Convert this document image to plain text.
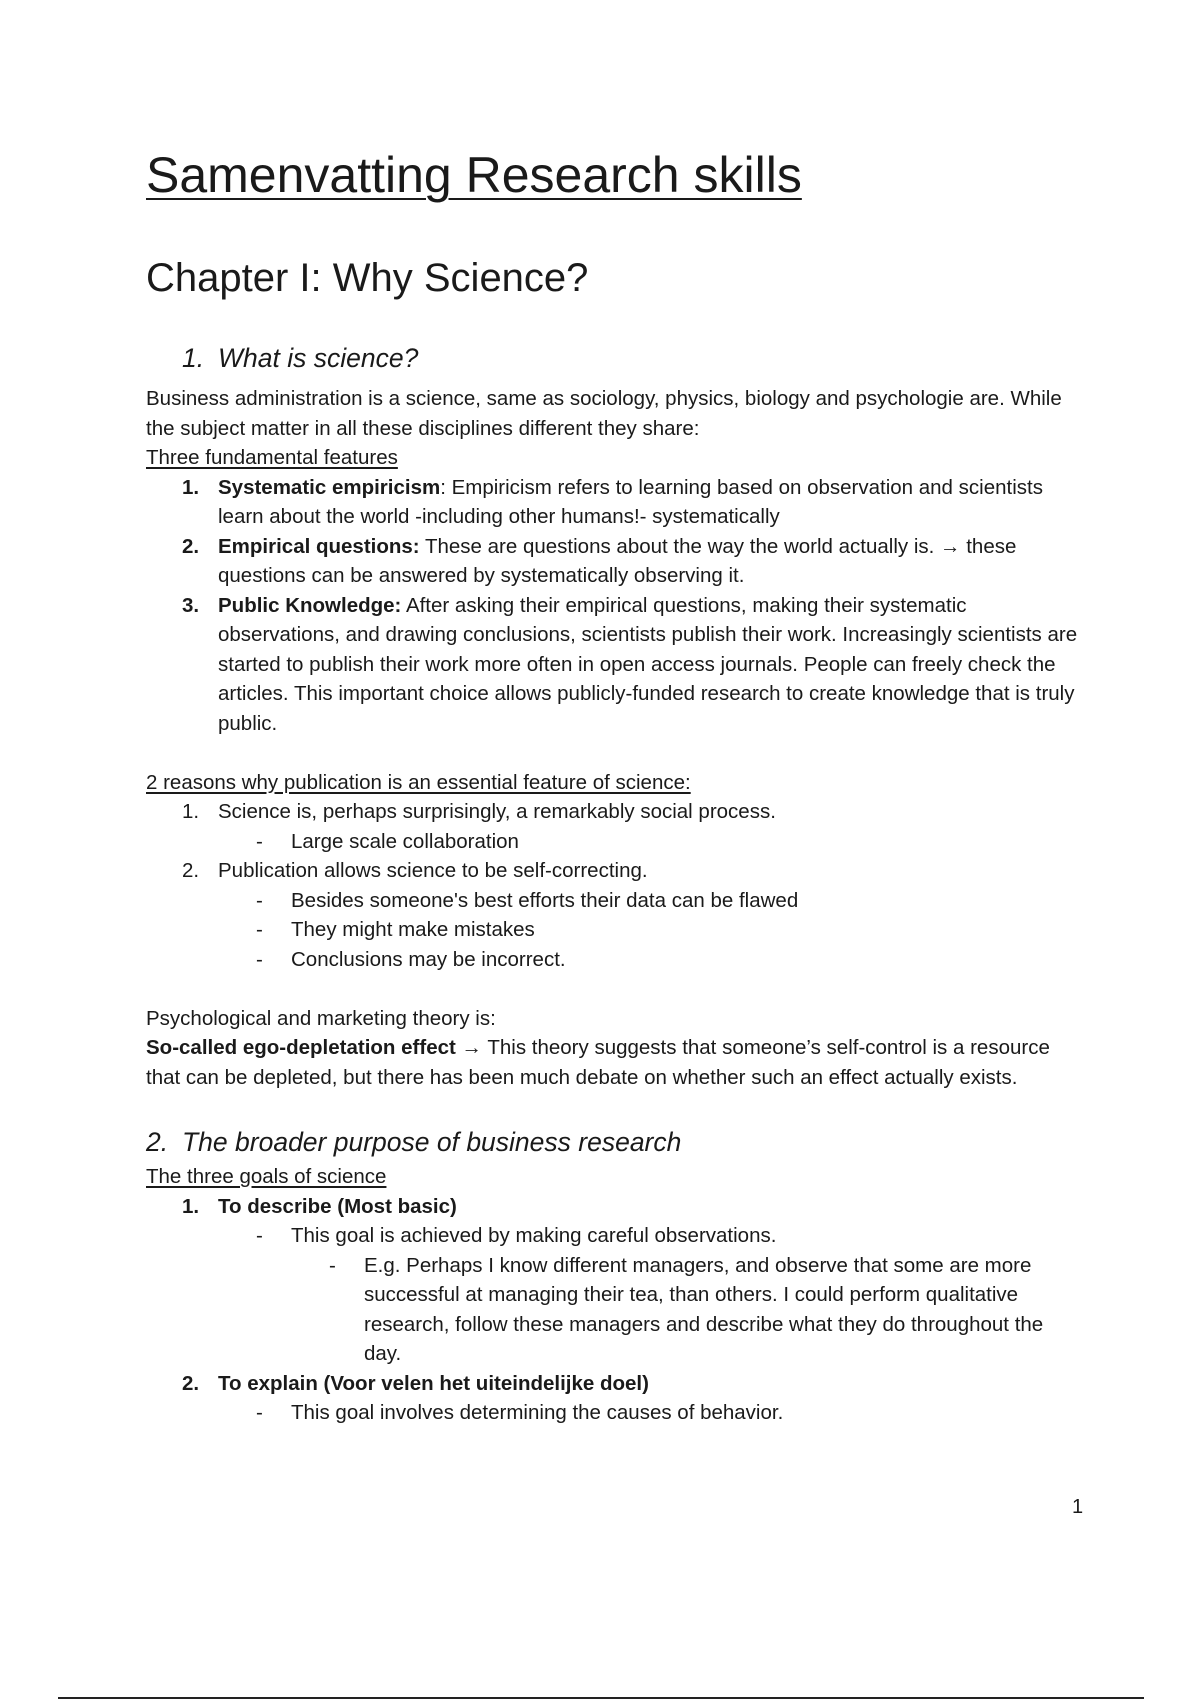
Samenvatting Research skills
Chapter I: Why Science?
1. What is science?

Business administration is a science, same as sociology, physics, biology and psychologie are. While the subject matter in all these disciplines different they share:

Three fundamental features

1. Systematic empiricism: Empiricism refers to learning based on observation and scientists learn about the world -including other humans!- systematically
2. Empirical questions: These are questions about the way the world actually is. → these questions can be answered by systematically observing it.
3. Public Knowledge: After asking their empirical questions, making their systematic observations, and drawing conclusions, scientists publish their work. Increasingly scientists are started to publish their work more often in open access journals. People can freely check the articles. This important choice allows publicly-funded research to create knowledge that is truly public.

2 reasons why publication is an essential feature of science:

1. Science is, perhaps surprisingly, a remarkably social process.
- Large scale collaboration
2. Publication allows science to be self-correcting.
- Besides someone's best efforts their data can be flawed
- They might make mistakes
- Conclusions may be incorrect.

Psychological and marketing theory is:

So-called ego-depletation effect → This theory suggests that someone’s self-control is a resource that can be depleted, but there has been much debate on whether such an effect actually exists.

2. The broader purpose of business research

The three goals of science

1. To describe (Most basic)
- This goal is achieved by making careful observations.
- E.g. Perhaps I know different managers, and observe that some are more successful at managing their tea, than others. I could perform qualitative research, follow these managers and describe what they do throughout the day.
2. To explain (Voor velen het uiteindelijke doel)
- This goal involves determining the causes of behavior.
1
